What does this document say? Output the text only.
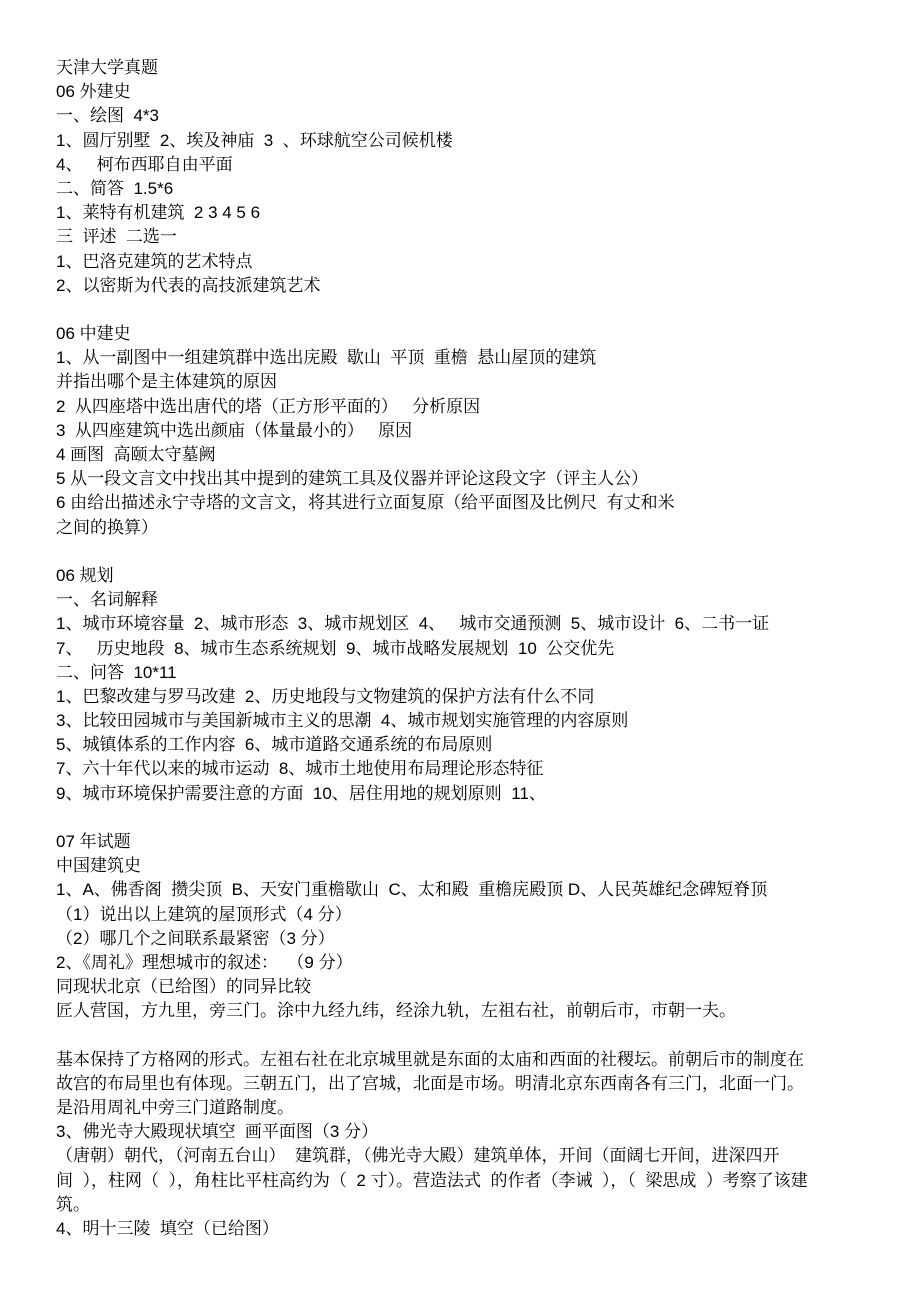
天津大学真题
06 外建史
一、绘图  4*3
1、圆厅别墅  2、埃及神庙  3  、环球航空公司候机楼
4、   柯布西耶自由平面
二、简答  1.5*6
1、莱特有机建筑  2 3 4 5 6
三  评述  二选一
1、巴洛克建筑的艺术特点
2、以密斯为代表的高技派建筑艺术
06 中建史
1、从一副图中一组建筑群中选出庑殿  歇山  平顶  重檐  悬山屋顶的建筑
并指出哪个是主体建筑的原因
2  从四座塔中选出唐代的塔（正方形平面的）   分析原因
3  从四座建筑中选出颜庙（体量最小的）   原因
4 画图  高颐太守墓阙
5 从一段文言文中找出其中提到的建筑工具及仪器并评论这段文字（评主人公）
6 由给出描述永宁寺塔的文言文，将其进行立面复原（给平面图及比例尺  有丈和米
之间的换算）
06 规划
一、名词解释
1、城市环境容量  2、城市形态  3、城市规划区  4、   城市交通预测  5、城市设计  6、二书一证
7、   历史地段  8、城市生态系统规划  9、城市战略发展规划  10  公交优先
二、问答  10*11
1、巴黎改建与罗马改建  2、历史地段与文物建筑的保护方法有什么不同
3、比较田园城市与美国新城市主义的思潮  4、城市规划实施管理的内容原则
5、城镇体系的工作内容  6、城市道路交通系统的布局原则
7、六十年代以来的城市运动  8、城市土地使用布局理论形态特征
9、城市环境保护需要注意的方面  10、居住用地的规划原则  11、
07 年试题
中国建筑史
1、A、佛香阁  攒尖顶  B、天安门重檐歇山  C、太和殿  重檐庑殿顶 D、人民英雄纪念碑短脊顶
（1）说出以上建筑的屋顶形式（4 分）
（2）哪几个之间联系最紧密（3 分）
2、《周礼》理想城市的叙述：  （9 分）
同现状北京（已给图）的同异比较
匠人营国，方九里，旁三门。涂中九经九纬，经涂九轨，左祖右社，前朝后市，市朝一夫。
基本保持了方格网的形式。左祖右社在北京城里就是东面的太庙和西面的社稷坛。前朝后市的制度在
故宫的布局里也有体现。三朝五门，出了宫城，北面是市场。明清北京东西南各有三门，北面一门。
是沿用周礼中旁三门道路制度。
3、佛光寺大殿现状填空  画平面图（3 分）
（唐朝）朝代，（河南五台山）  建筑群，（佛光寺大殿）建筑单体，开间（面阔七开间，进深四开
间  ），柱网（  ），角柱比平柱高约为（  2 寸）。营造法式  的作者（李诫  ），（  梁思成  ）考察了该建
筑。
4、明十三陵  填空（已给图）
